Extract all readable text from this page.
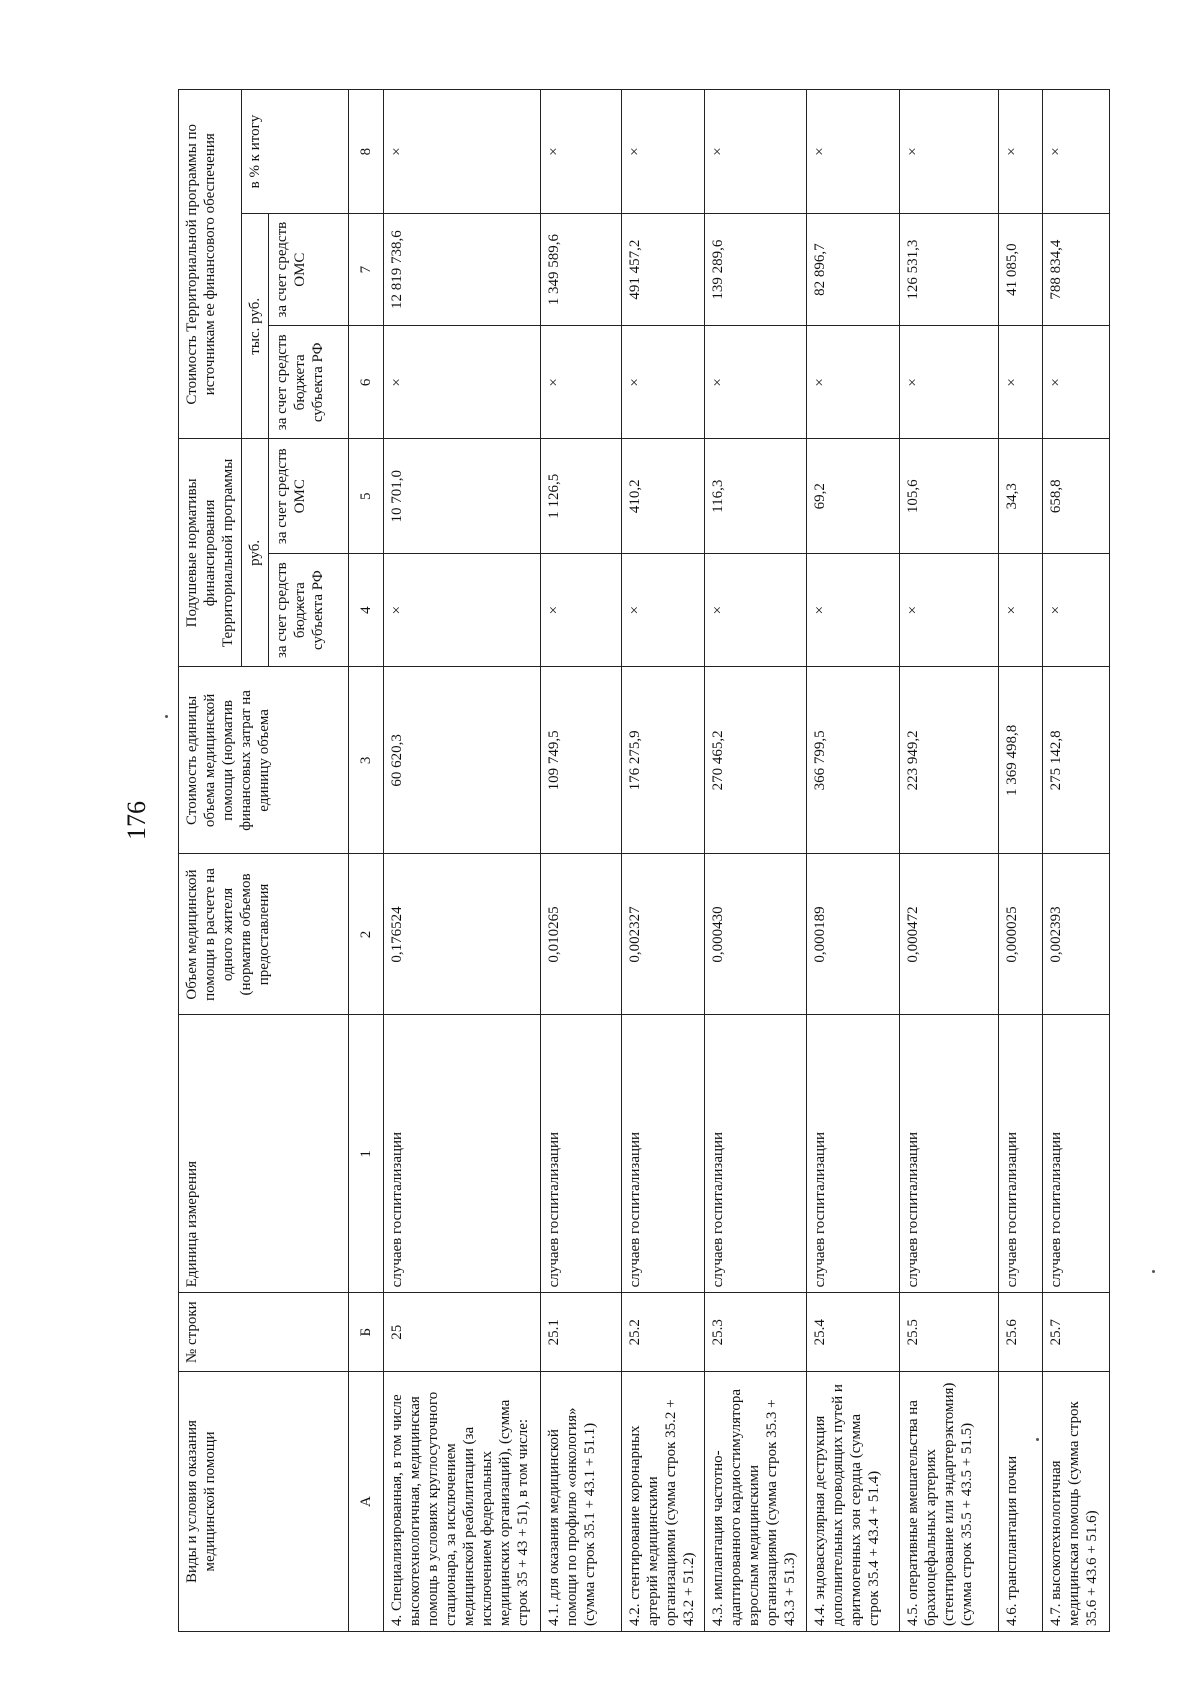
176
Виды и условия оказания медицинской помощи	№ строки	Единица измерения	Объем медицинской помощи в расчете на одного жителя (норматив объемов предоставления	Стоимость единицы объема медицинской помощи (норматив финансовых затрат на единицу объема	Подушевые нормативы финансирования Территориальной программы		Стоимость Территориальной программы по источникам ее финансового обеспечения		
					руб.		тыс. руб.		в % к итогу
					за счет средств бюджета субъекта РФ	за счет средств ОМС	за счет средств бюджета субъекта РФ	за счет средств ОМС	
А	Б	1	2	3	4	5	6	7	8
4. Специализированная, в том числе высокотехнологичная, медицинская помощь в условиях круглосуточного стационара, за исключением медицинской реабилитации (за исключением федеральных медицинских организаций), (сумма строк 35 + 43 + 51), в том числе:	25	случаев госпитализации	0,176524	60 620,3	×	10 701,0	×	12 819 738,6	×
4.1. для оказания медицинской помощи по профилю «онкология» (сумма строк 35.1 + 43.1 + 51.1)	25.1	случаев госпитализации	0,010265	109 749,5	×	1 126,5	×	1 349 589,6	×
4.2. стентирование коронарных артерий медицинскими организациями (сумма строк 35.2 + 43.2 + 51.2)	25.2	случаев госпитализации	0,002327	176 275,9	×	410,2	×	491 457,2	×
4.3. имплантация частотно-адаптированного кардиостимулятора взрослым медицинскими организациями (сумма строк 35.3 + 43.3 + 51.3)	25.3	случаев госпитализации	0,000430	270 465,2	×	116,3	×	139 289,6	×
4.4. эндоваскулярная деструкция дополнительных проводящих путей и аритмогенных зон сердца (сумма строк 35.4 + 43.4 + 51.4)	25.4	случаев госпитализации	0,000189	366 799,5	×	69,2	×	82 896,7	×
4.5. оперативные вмешательства на брахиоцефальных артериях (стентирование или эндартерэктомия) (сумма строк 35.5 + 43.5 + 51.5)	25.5	случаев госпитализации	0,000472	223 949,2	×	105,6	×	126 531,3	×
4.6. трансплантация почки	25.6	случаев госпитализации	0,000025	1 369 498,8	×	34,3	×	41 085,0	×
4.7. высокотехнологичная медицинская помощь (сумма строк 35.6 + 43.6 + 51.6)	25.7	случаев госпитализации	0,002393	275 142,8	×	658,8	×	788 834,4	×
